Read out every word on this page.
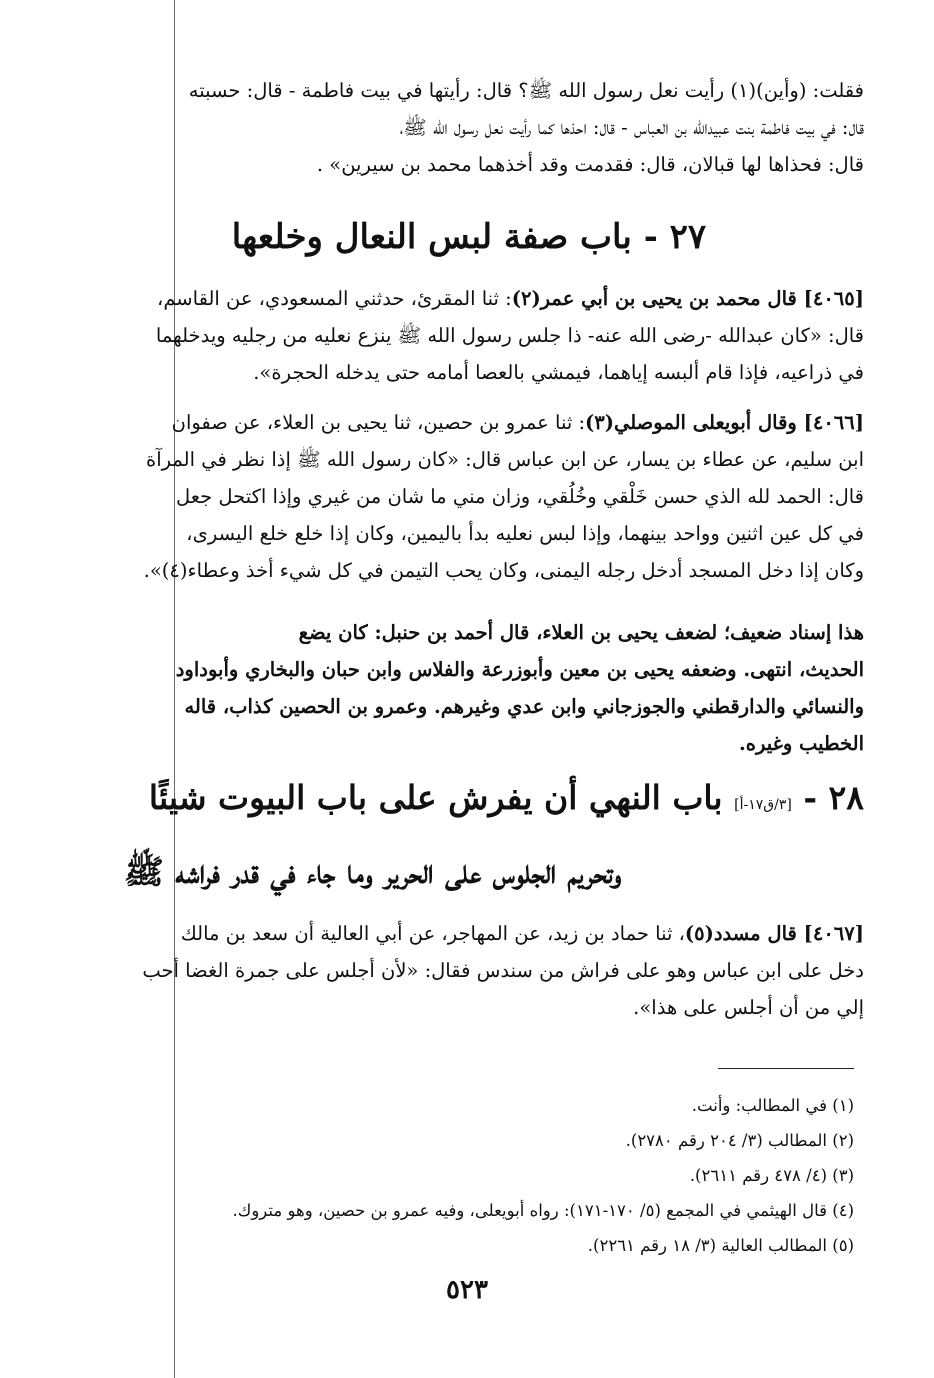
فقلت: (وأين)(١) رأيت نعل رسول الله ﷺ؟ قال: رأيتها في بيت فاطمة - قال: حسبته
قال: في بيت فاطمة بنت عبيدالله بن العباس - قال: احذها كما رأيت نعل رسول الله ﷺ،
قال: فحذاها لها قبالان، قال: فقدمت وقد أخذهما محمد بن سيرين» .

٢٧ - باب صفة لبس النعال وخلعها

[٤٠٦٥] قال محمد بن يحيى بن أبي عمر(٢): ثنا المقرئ، حدثني المسعودي، عن القاسم،
قال: «كان عبدالله -رضى الله عنه- ذا جلس رسول الله ﷺ ينزع نعليه من رجليه ويدخلهما
في ذراعيه، فإذا قام ألبسه إياهما، فيمشي بالعصا أمامه حتى يدخله الحجرة».

[٤٠٦٦] وقال أبويعلى الموصلي(٣): ثنا عمرو بن حصين، ثنا يحيى بن العلاء، عن صفوان
ابن سليم، عن عطاء بن يسار، عن ابن عباس قال: «كان رسول الله ﷺ إذا نظر في المرآة
قال: الحمد لله الذي حسن خَلْقي وخُلُقي، وزان مني ما شان من غيري وإذا اكتحل جعل
في كل عين اثنين وواحد بينهما، وإذا لبس نعليه بدأ باليمين، وكان إذا خلع خلع اليسرى،
وكان إذا دخل المسجد أدخل رجله اليمنى، وكان يحب التيمن في كل شيء أخذ وعطاء(٤)».

هذا إسناد ضعيف؛ لضعف يحيى بن العلاء، قال أحمد بن حنبل: كان يضع
الحديث، انتهى. وضعفه يحيى بن معين وأبوزرعة والفلاس وابن حبان والبخاري وأبوداود
والنسائي والدارقطني والجوزجاني وابن عدي وغيرهم. وعمرو بن الحصين كذاب، قاله
الخطيب وغيره.

٢٨ - [٣/ق١٧-أ] باب النهي أن يفرش على باب البيوت شيئًا
وتحريم الجلوس على الحرير وما جاء في قدر فراشه ﷺ

[٤٠٦٧] قال مسدد(٥)، ثنا حماد بن زيد، عن المهاجر، عن أبي العالية أن سعد بن مالك
دخل على ابن عباس وهو على فراش من سندس فقال: «لأن أجلس على جمرة الغضا أحب
إلي من أن أجلس على هذا».

(١) في المطالب: وأنت.

(٢) المطالب (٣/ ٢٠٤ رقم ٢٧٨٠).

(٣) (٤/ ٤٧٨ رقم ٢٦١١).

(٤) قال الهيثمي في المجمع (٥/ ١٧٠-١٧١): رواه أبويعلى، وفيه عمرو بن حصين، وهو متروك.

(٥) المطالب العالية (٣/ ١٨ رقم ٢٢٦١).

٥٢٣
